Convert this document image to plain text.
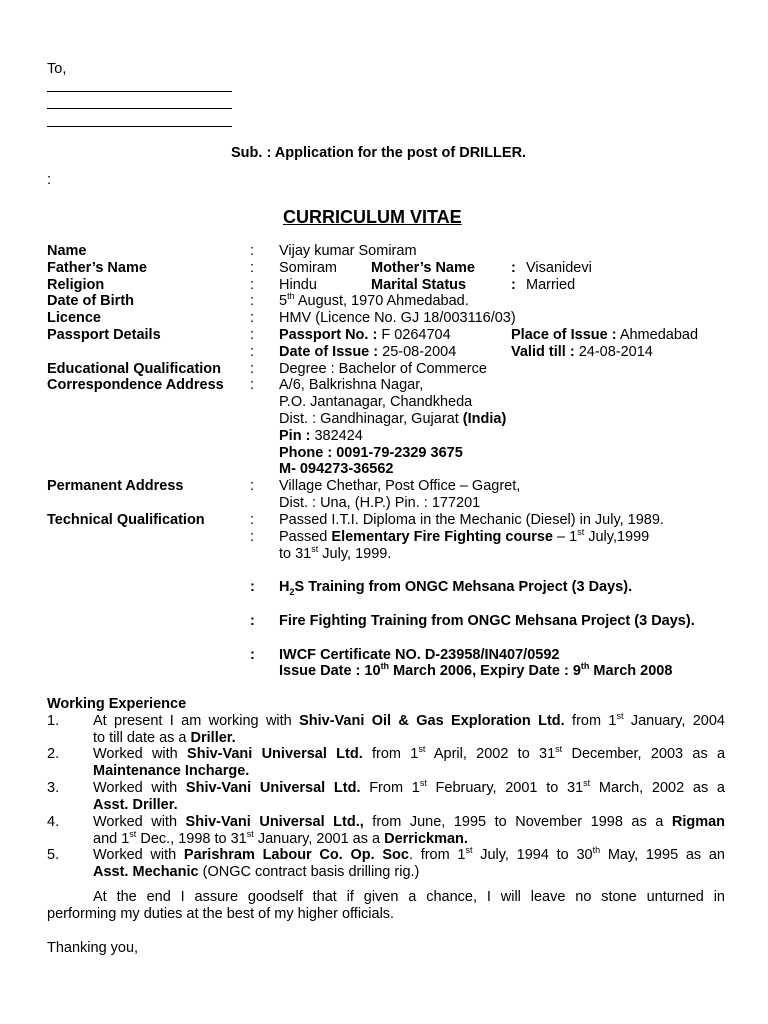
To,
Sub. : Application for the post of DRILLER.
:
CURRICULUM VITAE
Name	: Vijay kumar Somiram
Father’s Name	: Somiram Mother’s Name : Visanidevi
Religion	: Hindu	Marital Status	: Married
Date of Birth	: 5th August, 1970 Ahmedabad.
Licence	: HMV (Licence No. GJ 18/003116/03)
Passport Details	: Passport No. : F 0264704	Place of Issue : Ahmedabad
: Date of Issue : 25-08-2004	Valid till : 24-08-2014
Educational Qualification : Degree : Bachelor of Commerce
Correspondence Address : A/6, Balkrishna Nagar,
P.O. Jantanagar, Chandkheda
Dist. : Gandhinagar, Gujarat (India)
Pin : 382424
Phone : 0091-79-2329 3675
M- 094273-36562
Permanent Address	: Village Chethar, Post Office – Gagret,
Dist. : Una, (H.P.) Pin. : 177201
Technical Qualification	: Passed I.T.I. Diploma in the Mechanic (Diesel) in July, 1989.
: Passed Elementary Fire Fighting course – 1st July,1999
to 31st July, 1999.
: $H_2S$ Training from ONGC Mehsana Project (3 Days).
: Fire Fighting Training from ONGC Mehsana Project (3 Days).
: IWCF Certificate NO. D-23958/IN407/0592
Issue Date : 10th March 2006, Expiry Date : 9th March 2008
Working Experience
1. At present I am working with Shiv-Vani Oil & Gas Exploration Ltd. from 1st January, 2004
to till date as a Driller.
2. Worked with Shiv-Vani Universal Ltd. from 1st April, 2002 to 31st December, 2003 as a
Maintenance Incharge.
3. Worked with Shiv-Vani Universal Ltd. From 1st February, 2001 to 31st March, 2002 as a
Asst. Driller.
4. Worked with Shiv-Vani Universal Ltd., from June, 1995 to November 1998 as a Rigman
and 1st Dec., 1998 to 31st January, 2001 as a Derrickman.
5. Worked with Parishram Labour Co. Op. Soc. from 1st July, 1994 to 30th May, 1995 as an
Asst. Mechanic (ONGC contract basis drilling rig.)
At the end I assure goodself that if given a chance, I will leave no stone unturned in
performing my duties at the best of my higher officials.
Thanking you,
